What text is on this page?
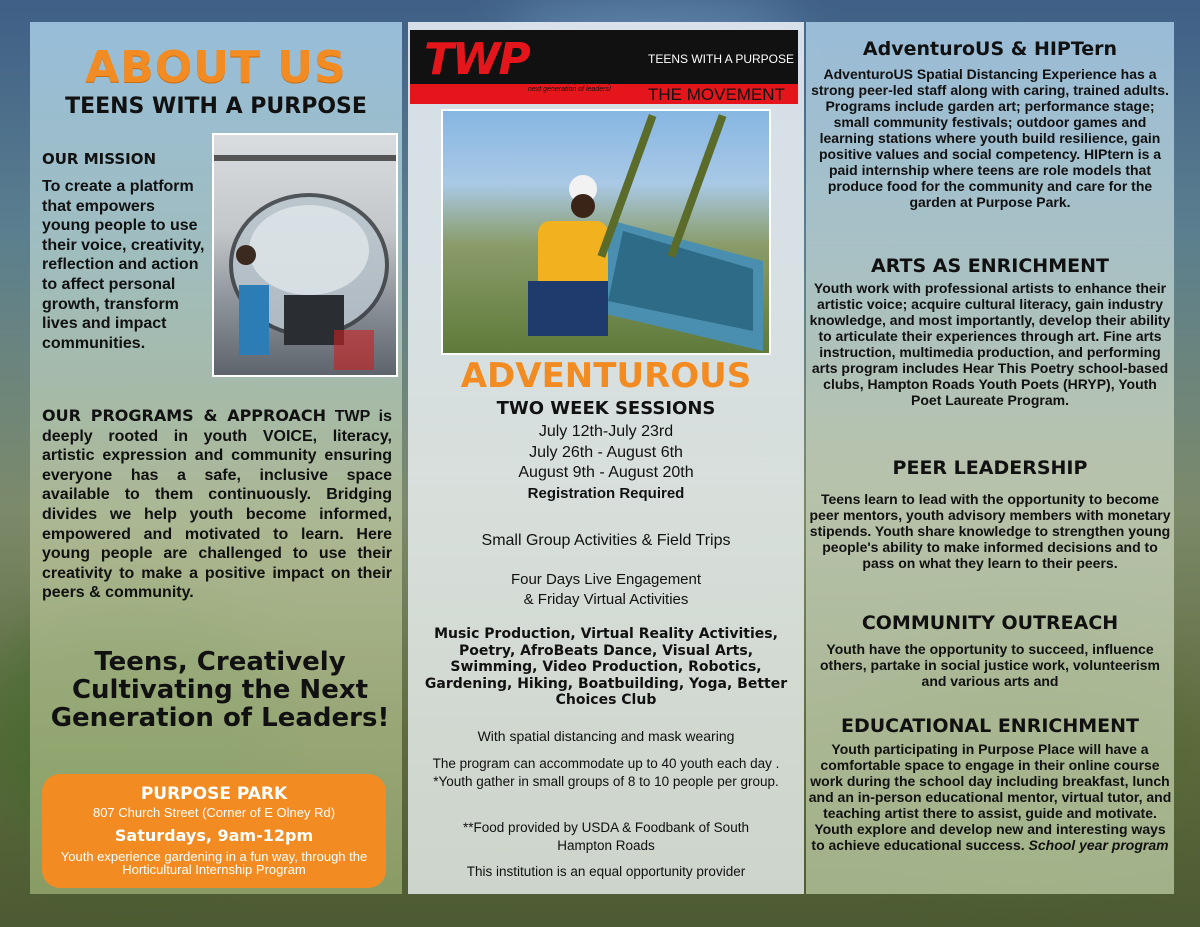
ABOUT US
TEENS WITH A PURPOSE
OUR MISSION
To create a platform that empowers young people to use their voice, creativity, reflection and action to affect personal growth, transform lives and impact communities.
OUR PROGRAMS & APPROACH TWP is deeply rooted in youth VOICE, literacy, artistic expression and community ensuring everyone has a safe, inclusive space available to them continuously. Bridging divides we help youth become informed, empowered and motivated to learn. Here young people are challenged to use their creativity to make a positive impact on their peers & community.
Teens, Creatively Cultivating the Next Generation of Leaders!
PURPOSE PARK
807 Church Street (Corner of E Olney Rd)
Saturdays, 9am-12pm
Youth experience gardening in a fun way, through the Horticultural Internship Program
TWP Teens creatively cultivating the next generation of leaders!
TEENS WITH A PURPOSE
THE MOVEMENT
ADVENTUROUS
TWO WEEK SESSIONS
July 12th-July 23rd
July 26th - August 6th
August 9th - August 20th
Registration Required
Small Group Activities & Field Trips
Four Days Live Engagement
& Friday Virtual Activities
Music Production, Virtual Reality Activities, Poetry, AfroBeats Dance, Visual Arts, Swimming, Video Production, Robotics, Gardening, Hiking, Boatbuilding, Yoga, Better Choices Club
With spatial distancing and mask wearing
The program can accommodate up to 40 youth each day . *Youth gather in small groups of 8 to 10 people per group.
**Food provided by USDA & Foodbank of South Hampton Roads
This institution is an equal opportunity provider
AdventuroUS & HIPTern
AdventuroUS Spatial Distancing Experience has a strong peer-led staff along with caring, trained adults. Programs include garden art; performance stage; small community festivals; outdoor games and learning stations where youth build resilience, gain positive values and social competency. HIPtern is a paid internship where teens are role models that produce food for the community and care for the garden at Purpose Park.
ARTS AS ENRICHMENT
Youth work with professional artists to enhance their artistic voice; acquire cultural literacy, gain industry knowledge, and most importantly, develop their ability to articulate their experiences through art. Fine arts instruction, multimedia production, and performing arts program includes Hear This Poetry school-based clubs, Hampton Roads Youth Poets (HRYP), Youth Poet Laureate Program.
PEER LEADERSHIP
Teens learn to lead with the opportunity to become peer mentors, youth advisory members with monetary stipends. Youth share knowledge to strengthen young people's ability to make informed decisions and to pass on what they learn to their peers.
COMMUNITY OUTREACH
Youth have the opportunity to succeed, influence others, partake in social justice work, volunteerism and various arts and
EDUCATIONAL ENRICHMENT
Youth participating in Purpose Place will have a comfortable space to engage in their online course work during the school day including breakfast, lunch and an in-person educational mentor, virtual tutor, and teaching artist there to assist, guide and motivate. Youth explore and develop new and interesting ways to achieve educational success. School year program
